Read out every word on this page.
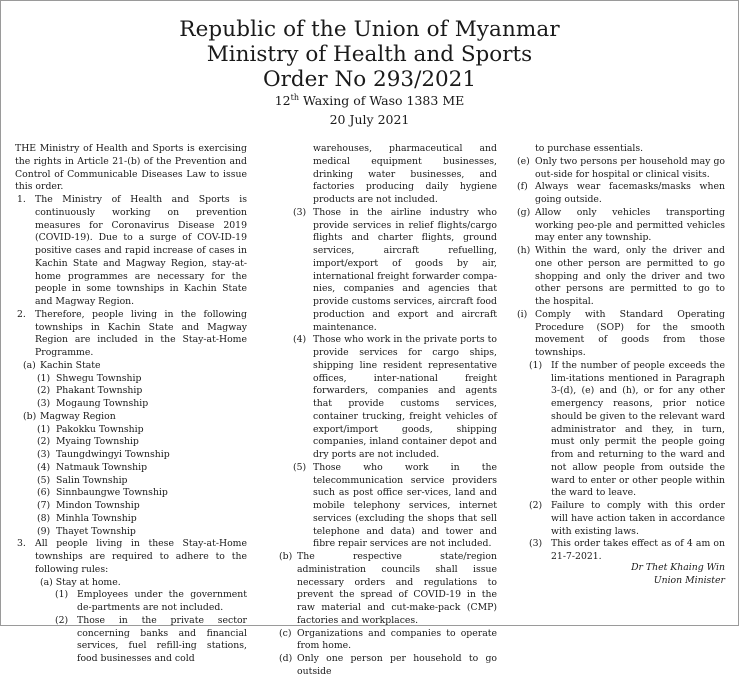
Republic of the Union of Myanmar
Ministry of Health and Sports
Order No 293/2021
12th Waxing of Waso 1383 ME
20 July 2021

THE Ministry of Health and Sports is exercising the rights in Article 21-(b) of the Prevention and Control of Communicable Diseases Law to issue this order.

1. The Ministry of Health and Sports is continuously working on prevention measures for Coronavirus Disease 2019 (COVID-19). Due to a surge of COV-ID-19 positive cases and rapid increase of cases in Kachin State and Magway Region, stay-at-home programmes are necessary for the people in some townships in Kachin State and Magway Region.
2. Therefore, people living in the following townships in Kachin State and Magway Region are included in the Stay-at-Home Programme.
(a) Kachin State
(1) Shwegu Township
(2) Phakant Township
(3) Mogaung Township
(b) Magway Region
(1) Pakokku Township
(2) Myaing Township
(3) Taungdwingyi Township
(4) Natmauk Township
(5) Salin Township
(6) Sinnbaungwe Township
(7) Mindon Township
(8) Minhla Township
(9) Thayet Township
3. All people living in these Stay-at-Home townships are required to adhere to the following rules:
(a) Stay at home.
(1) Employees under the government de-partments are not included.
(2) Those in the private sector concerning banks and financial services, fuel refill-ing stations, food businesses and cold

warehouses, pharmaceutical and medical equipment businesses, drinking water businesses, and factories producing daily hygiene products are not included.

(3) Those in the airline industry who provide services in relief flights/cargo flights and charter flights, ground services, aircraft refuelling, import/export of goods by air, international freight forwarder compa-nies, companies and agencies that provide customs services, aircraft food production and export and aircraft maintenance.
(4) Those who work in the private ports to provide services for cargo ships, shipping line resident representative offices, inter-national freight forwarders, companies and agents that provide customs services, container trucking, freight vehicles of export/import goods, shipping companies, inland container depot and dry ports are not included.
(5) Those who work in the telecommunication service providers such as post office ser-vices, land and mobile telephony services, internet services (excluding the shops that sell telephone and data) and tower and fibre repair services are not included.
(b) The respective state/region administration councils shall issue necessary orders and regulations to prevent the spread of COVID-19 in the raw material and cut-make-pack (CMP) factories and workplaces.
(c) Organizations and companies to operate from home.
(d) Only one person per household to go outside

to purchase essentials.

(e) Only two persons per household may go out-side for hospital or clinical visits.
(f) Always wear facemasks/masks when going outside.
(g) Allow only vehicles transporting working peo-ple and permitted vehicles may enter any township.
(h) Within the ward, only the driver and one other person are permitted to go shopping and only the driver and two other persons are permitted to go to the hospital.
(i) Comply with Standard Operating Procedure (SOP) for the smooth movement of goods from those townships.
(1) If the number of people exceeds the lim-itations mentioned in Paragraph 3-(d), (e) and (h), or for any other emergency reasons, prior notice should be given to the relevant ward administrator and they, in turn, must only permit the people going from and returning to the ward and not allow people from outside the ward to enter or other people within the ward to leave.
(2) Failure to comply with this order will have action taken in accordance with existing laws.
(3) This order takes effect as of 4 am on 21-7-2021.
Dr Thet Khaing Win
Union Minister
